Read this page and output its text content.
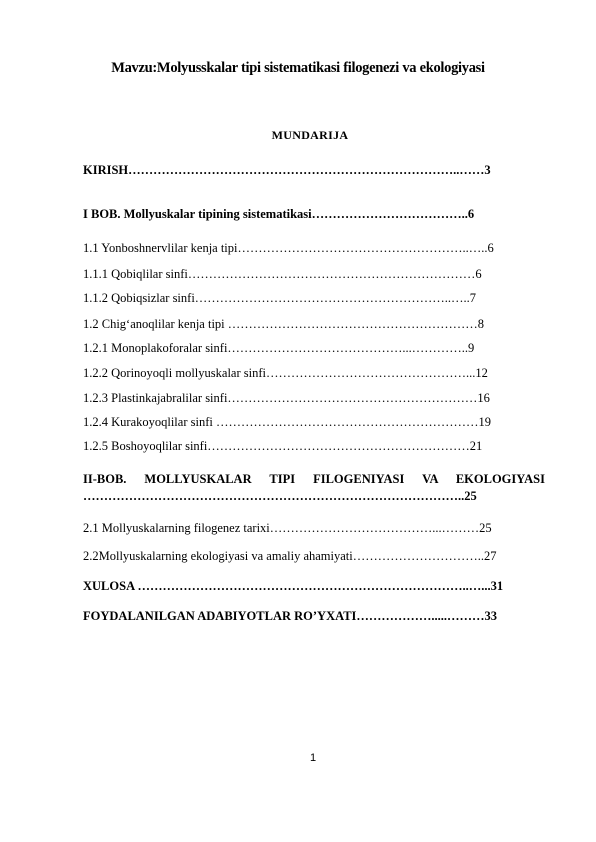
Mavzu:Molyusskalar tipi sistematikasi filogenezi va ekologiyasi
MUNDARIJA
KIRISH……………………………………………………………………..……3
I BOB. Mollyuskalar tipining sistematikasi………………………………..6
1.1 Yonboshnervlilar kenja tipi………………………………………………..…..6
1.1.1 Qobiqlilar sinfi……………………………………………………………6
1.1.2 Qobiqsizlar sinfi……………………………………………………..…..7
1.2 Chig‘anoqlilar kenja tipi ……………………………………………………8
1.2.1 Monoplakoforalar sinfi……………………………………...…………..9
1.2.2 Qorinoyoqli mollyuskalar sinfi…………………………………………...12
1.2.3 Plastinkajabralilar sinfi……………………………………………………16
1.2.4 Kurakoyoqlilar sinfi ………………………………………………………19
1.2.5 Boshoyoqlilar sinfi………………………………………………………21
II-BOB. MOLLYUSKALAR TIPI FILOGENIYASI VA EKOLOGIYASI
………………………………………………………………………………..25
2.1 Mollyuskalarning filogenez tarixi…………………………………...………25
2.2Mollyuskalarning ekologiyasi va amaliy ahamiyati…………………………..27
XULOSA ……………………………………………………………………..…...31
FOYDALANILGAN ADABIYOTLAR RO’YXATI……………….....………33
1
